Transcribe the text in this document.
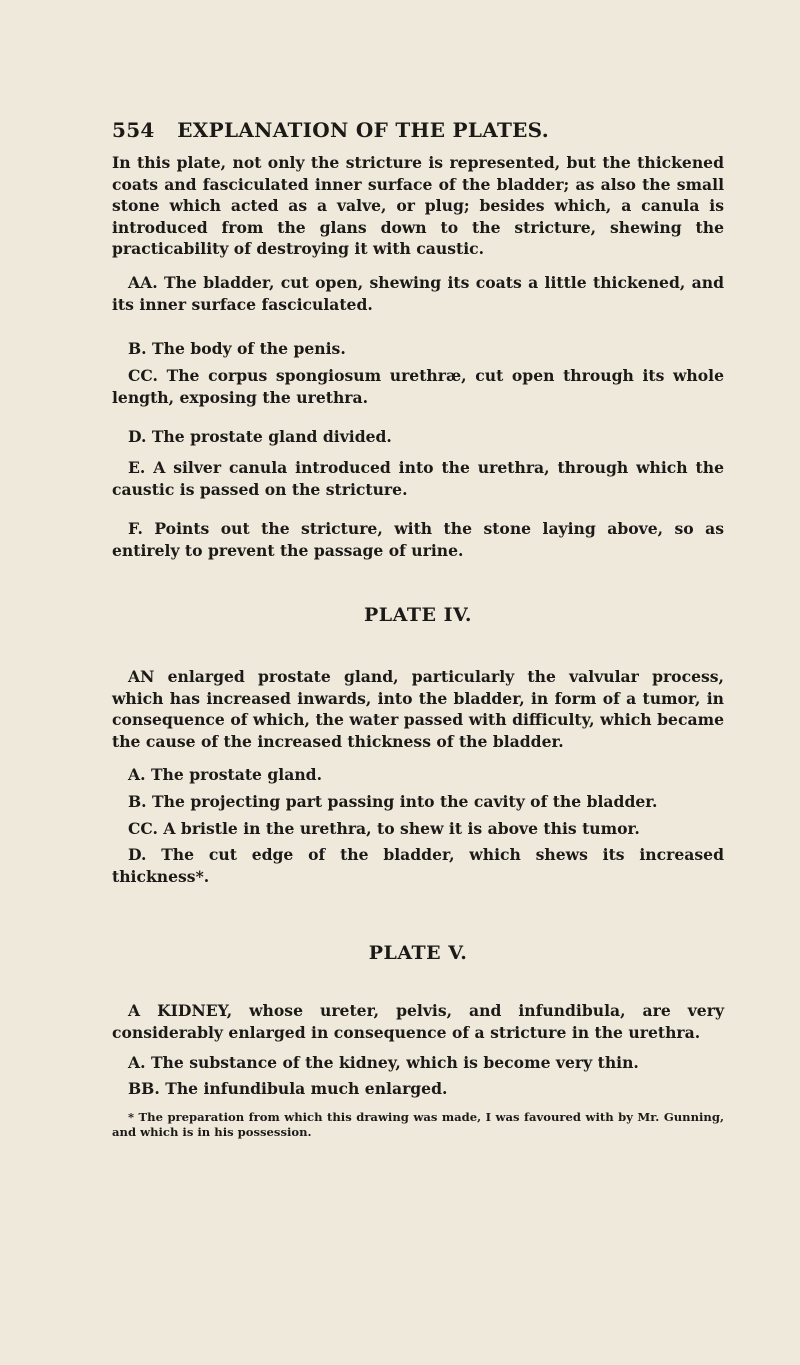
554 EXPLANATION OF THE PLATES.

In this plate, not only the stricture is represented, but the thickened coats and fasciculated inner surface of the bladder; as also the small stone which acted as a valve, or plug; besides which, a canula is introduced from the glans down to the stricture, shewing the practicability of destroying it with caustic.

AA. The bladder, cut open, shewing its coats a little thickened, and its inner surface fasciculated.

B. The body of the penis.

CC. The corpus spongiosum urethræ, cut open through its whole length, exposing the urethra.

D. The prostate gland divided.

E. A silver canula introduced into the urethra, through which the caustic is passed on the stricture.

F. Points out the stricture, with the stone laying above, so as entirely to prevent the passage of urine.

PLATE IV.

AN enlarged prostate gland, particularly the valvular process, which has increased inwards, into the bladder, in form of a tumor, in consequence of which, the water passed with difficulty, which became the cause of the increased thickness of the bladder.

A. The prostate gland.

B. The projecting part passing into the cavity of the bladder.

CC. A bristle in the urethra, to shew it is above this tumor.

D. The cut edge of the bladder, which shews its increased thickness*.

PLATE V.

A KIDNEY, whose ureter, pelvis, and infundibula, are very considerably enlarged in consequence of a stricture in the urethra.

A. The substance of the kidney, which is become very thin.

BB. The infundibula much enlarged.

* The preparation from which this drawing was made, I was favoured with by Mr. Gunning, and which is in his possession.
